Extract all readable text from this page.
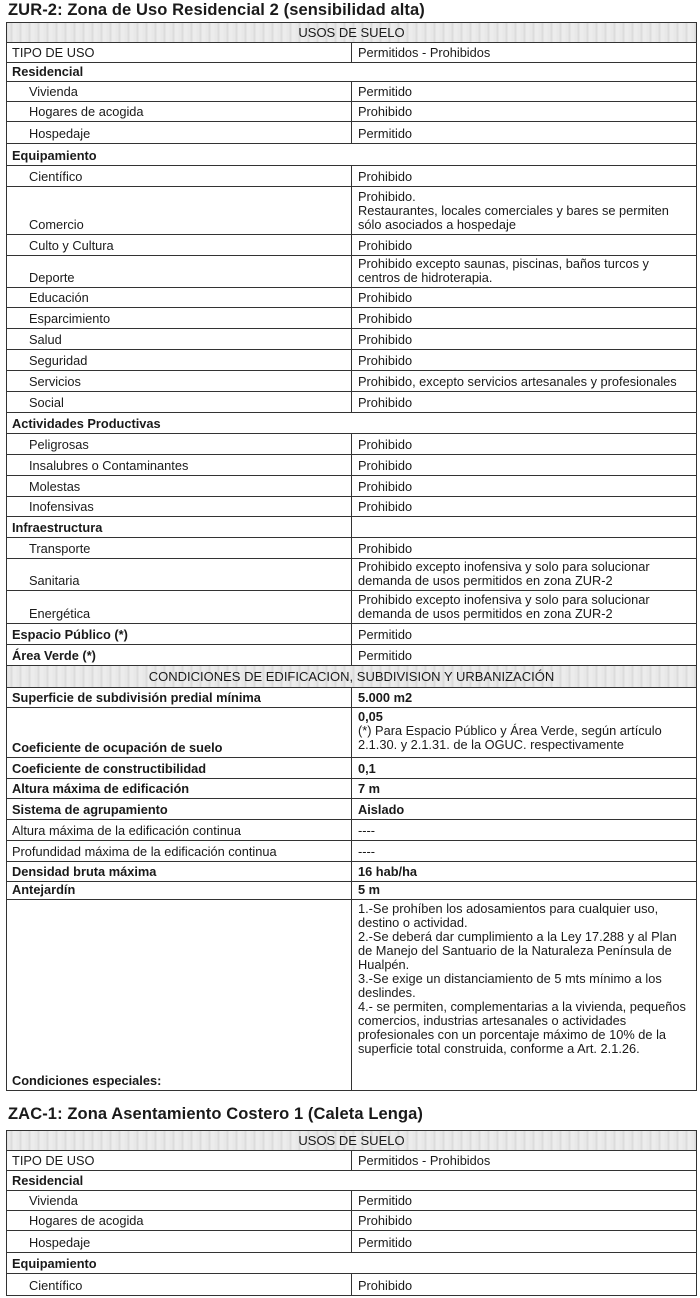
ZUR-2: Zona de Uso Residencial 2 (sensibilidad alta)
USOS DE SUELO	
TIPO DE USO	Permitidos - Prohibidos
Residencial	
Vivienda	Permitido
Hogares de acogida	Prohibido
Hospedaje	Permitido
Equipamiento	
Científico	Prohibido
Comercio	Prohibido.
Restaurantes, locales comerciales y bares se permiten sólo asociados a hospedaje
Culto y Cultura	Prohibido
Deporte	Prohibido excepto saunas, piscinas, baños turcos y centros de hidroterapia.
Educación	Prohibido
Esparcimiento	Prohibido
Salud	Prohibido
Seguridad	Prohibido
Servicios	Prohibido, excepto servicios artesanales y profesionales
Social	Prohibido
Actividades Productivas	
Peligrosas	Prohibido
Insalubres o Contaminantes	Prohibido
Molestas	Prohibido
Inofensivas	Prohibido
Infraestructura	
Transporte	Prohibido
Sanitaria	Prohibido excepto inofensiva y solo para solucionar demanda de usos permitidos en zona ZUR-2
Energética	Prohibido excepto inofensiva y solo para solucionar demanda de usos permitidos en zona ZUR-2
Espacio Público (*)	Permitido
Área Verde (*)	Permitido
CONDICIONES DE EDIFICACION, SUBDIVISION Y URBANIZACIÓN	
Superficie de subdivisión predial mínima	5.000 m2
Coeficiente de ocupación de suelo	0,05
(*) Para Espacio Público y Área Verde, según artículo 2.1.30. y 2.1.31. de la OGUC. respectivamente

Coeficiente de constructibilidad	0,1
Altura máxima de edificación	7 m
Sistema de agrupamiento	Aislado
Altura máxima de la edificación continua	----
Profundidad máxima de la edificación continua	----
Densidad bruta máxima	16 hab/ha
Antejardín	5 m
Condiciones especiales:	1.-Se prohíben los adosamientos para cualquier uso, destino o actividad.
2.-Se deberá dar cumplimiento a la Ley 17.288 y al Plan de Manejo del Santuario de la Naturaleza Península de Hualpén.
3.-Se exige un distanciamiento de 5 mts mínimo a los deslindes.
4.- se permiten, complementarias a la vivienda, pequeños comercios, industrias artesanales o actividades profesionales con un porcentaje máximo de 10% de la superficie total construida, conforme a Art. 2.1.26.
ZAC-1: Zona Asentamiento Costero 1 (Caleta Lenga)
USOS DE SUELO	
TIPO DE USO	Permitidos - Prohibidos
Residencial	
Vivienda	Permitido
Hogares de acogida	Prohibido
Hospedaje	Permitido
Equipamiento	
Científico	Prohibido
